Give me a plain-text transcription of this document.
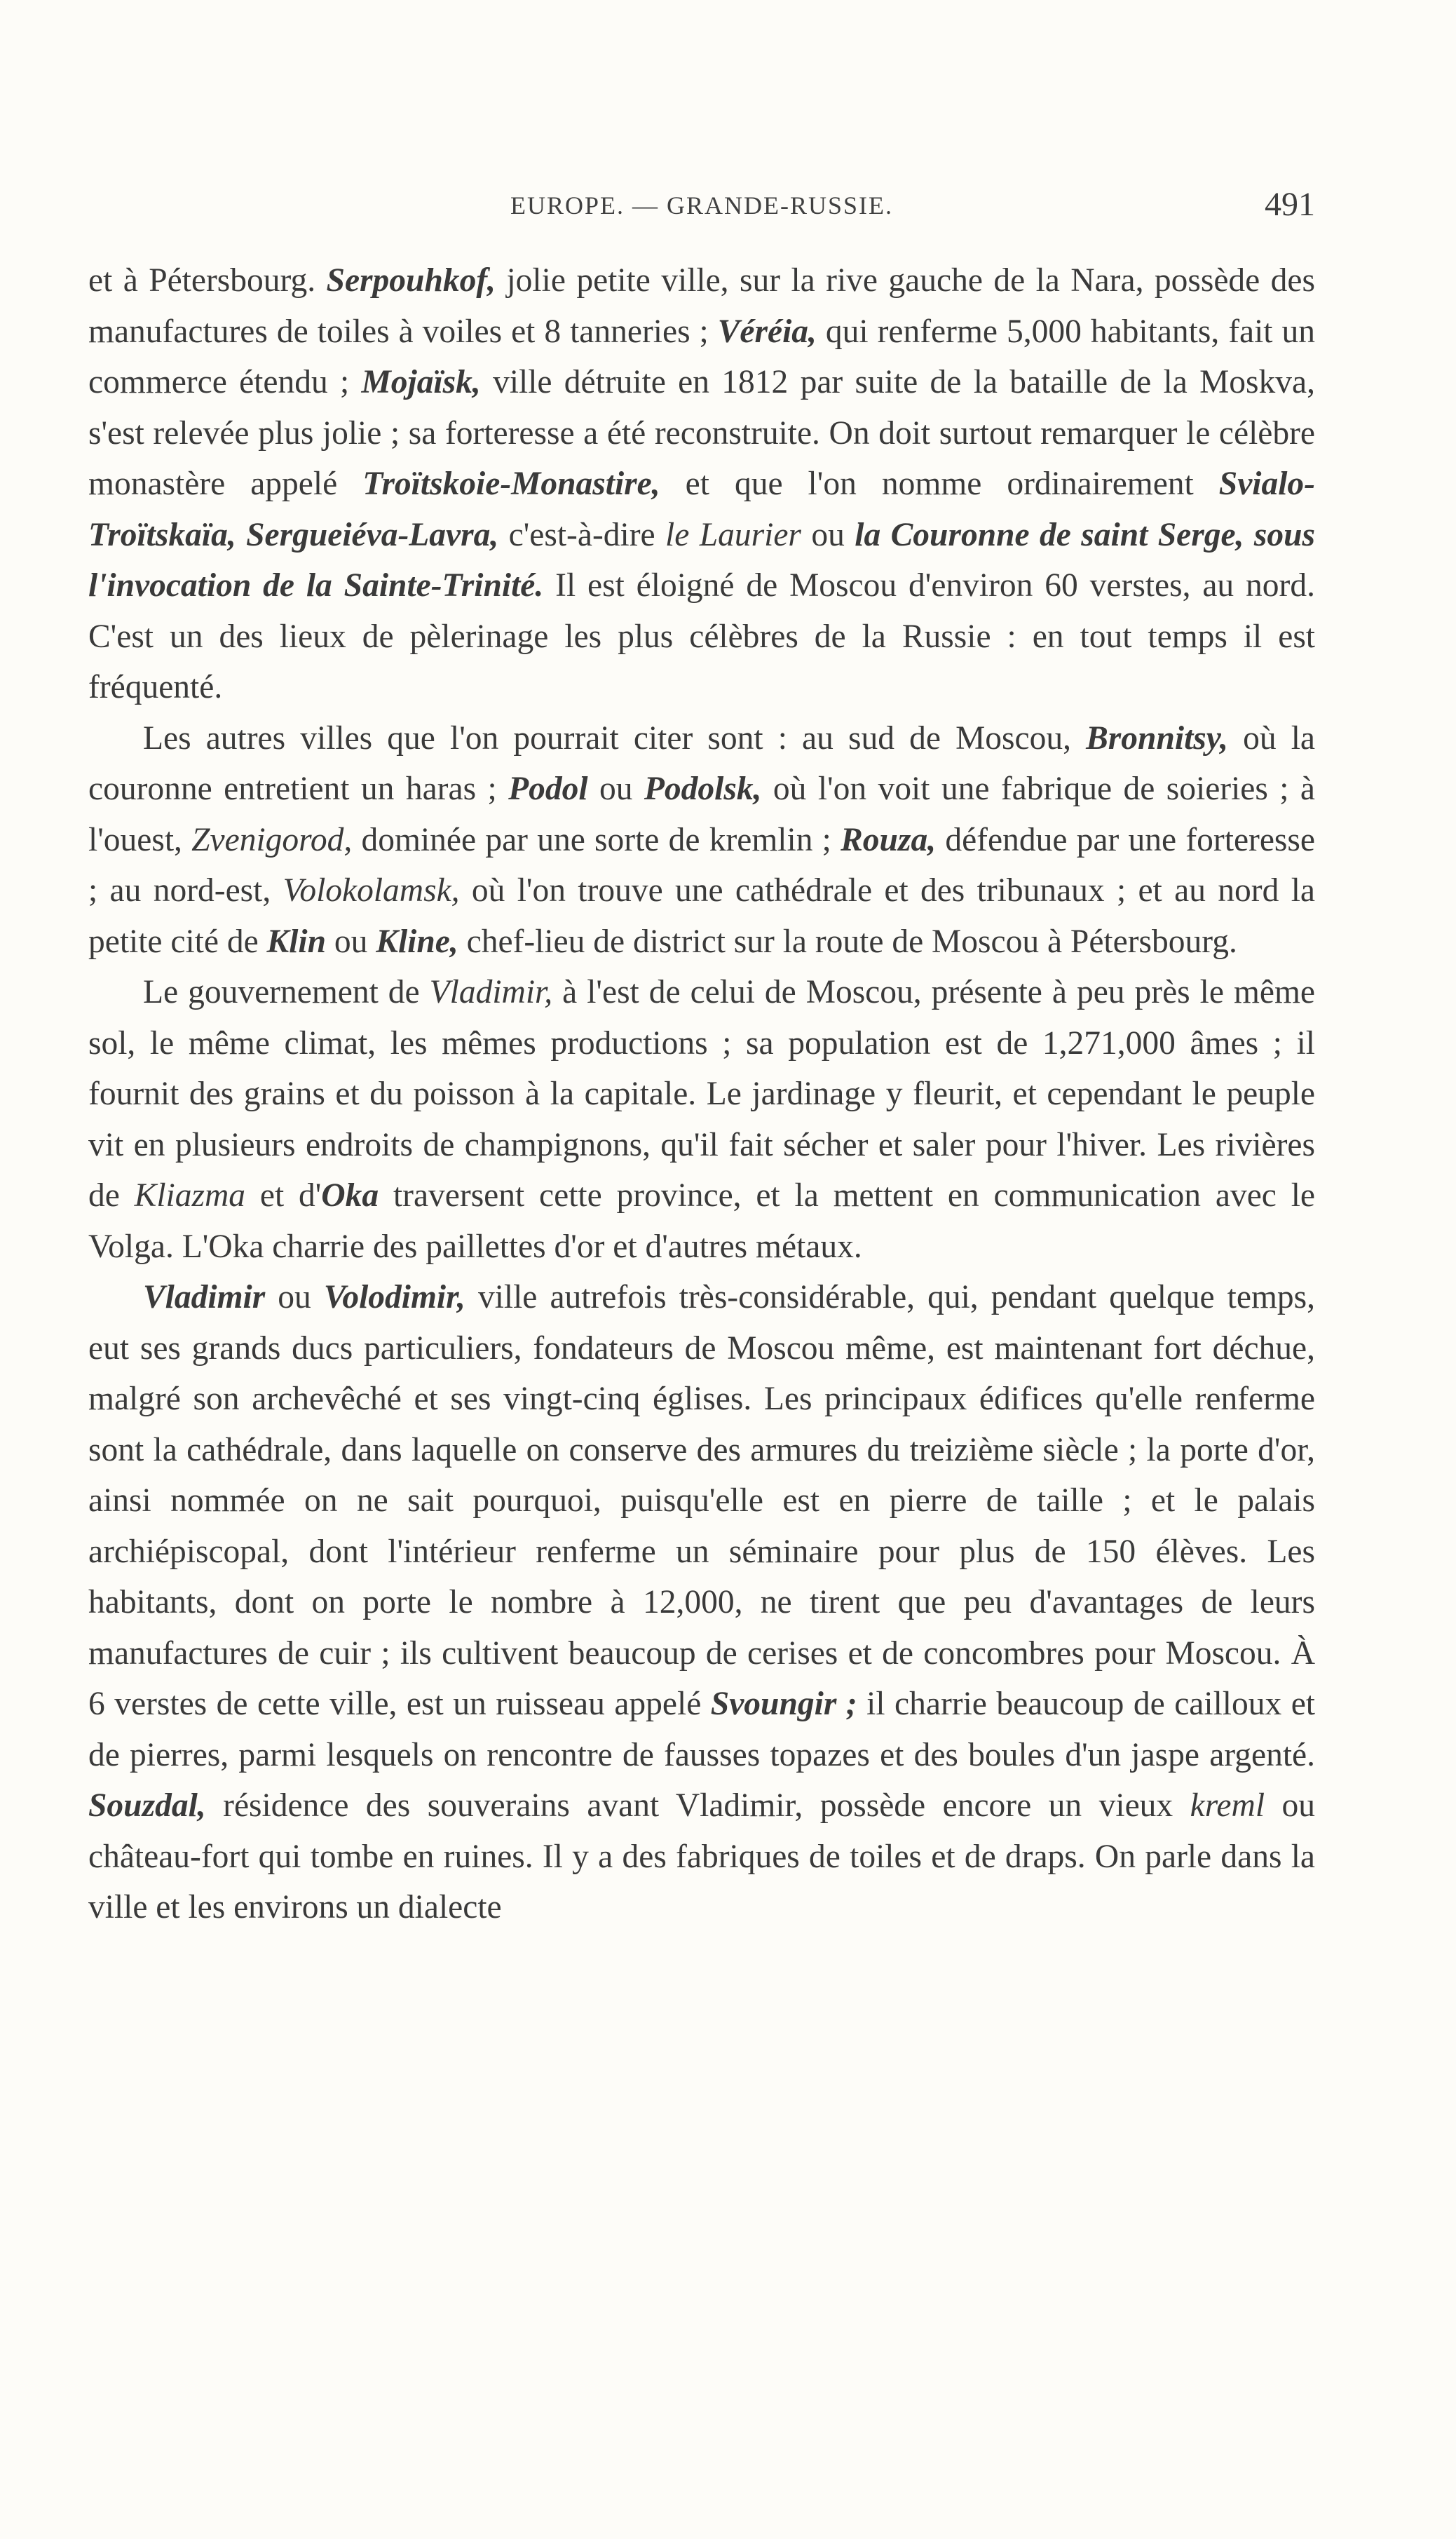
EUROPE. — GRANDE-RUSSIE.	491

et à Pétersbourg. Serpouhkof, jolie petite ville, sur la rive gauche de la Nara, possède des manufactures de toiles à voiles et 8 tanneries ; Véréia, qui renferme 5,000 habitants, fait un commerce étendu ; Mojaïsk, ville détruite en 1812 par suite de la bataille de la Moskva, s'est relevée plus jolie ; sa forteresse a été reconstruite. On doit surtout remarquer le célèbre monastère appelé Troïtskoie-Monastire, et que l'on nomme ordinairement Svialo-Troïtskaïa, Sergueiéva-Lavra, c'est-à-dire le Laurier ou la Couronne de saint Serge, sous l'invocation de la Sainte-Trinité. Il est éloigné de Moscou d'environ 60 verstes, au nord. C'est un des lieux de pèlerinage les plus célèbres de la Russie : en tout temps il est fréquenté.

Les autres villes que l'on pourrait citer sont : au sud de Moscou, Bronnitsy, où la couronne entretient un haras ; Podol ou Podolsk, où l'on voit une fabrique de soieries ; à l'ouest, Zvenigorod, dominée par une sorte de kremlin ; Rouza, défendue par une forteresse ; au nord-est, Volokolamsk, où l'on trouve une cathédrale et des tribunaux ; et au nord la petite cité de Klin ou Kline, chef-lieu de district sur la route de Moscou à Pétersbourg.

Le gouvernement de Vladimir, à l'est de celui de Moscou, présente à peu près le même sol, le même climat, les mêmes productions ; sa population est de 1,271,000 âmes ; il fournit des grains et du poisson à la capitale. Le jardinage y fleurit, et cependant le peuple vit en plusieurs endroits de champignons, qu'il fait sécher et saler pour l'hiver. Les rivières de Kliazma et d'Oka traversent cette province, et la mettent en communication avec le Volga. L'Oka charrie des paillettes d'or et d'autres métaux.

Vladimir ou Volodimir, ville autrefois très-considérable, qui, pendant quelque temps, eut ses grands ducs particuliers, fondateurs de Moscou même, est maintenant fort déchue, malgré son archevêché et ses vingt-cinq églises. Les principaux édifices qu'elle renferme sont la cathédrale, dans laquelle on conserve des armures du treizième siècle ; la porte d'or, ainsi nommée on ne sait pourquoi, puisqu'elle est en pierre de taille ; et le palais archiépiscopal, dont l'intérieur renferme un séminaire pour plus de 150 élèves. Les habitants, dont on porte le nombre à 12,000, ne tirent que peu d'avantages de leurs manufactures de cuir ; ils cultivent beaucoup de cerises et de concombres pour Moscou. À 6 verstes de cette ville, est un ruisseau appelé Svoungir ; il charrie beaucoup de cailloux et de pierres, parmi lesquels on rencontre de fausses topazes et des boules d'un jaspe argenté. Souzdal, résidence des souverains avant Vladimir, possède encore un vieux kreml ou château-fort qui tombe en ruines. Il y a des fabriques de toiles et de draps. On parle dans la ville et les environs un dialecte
